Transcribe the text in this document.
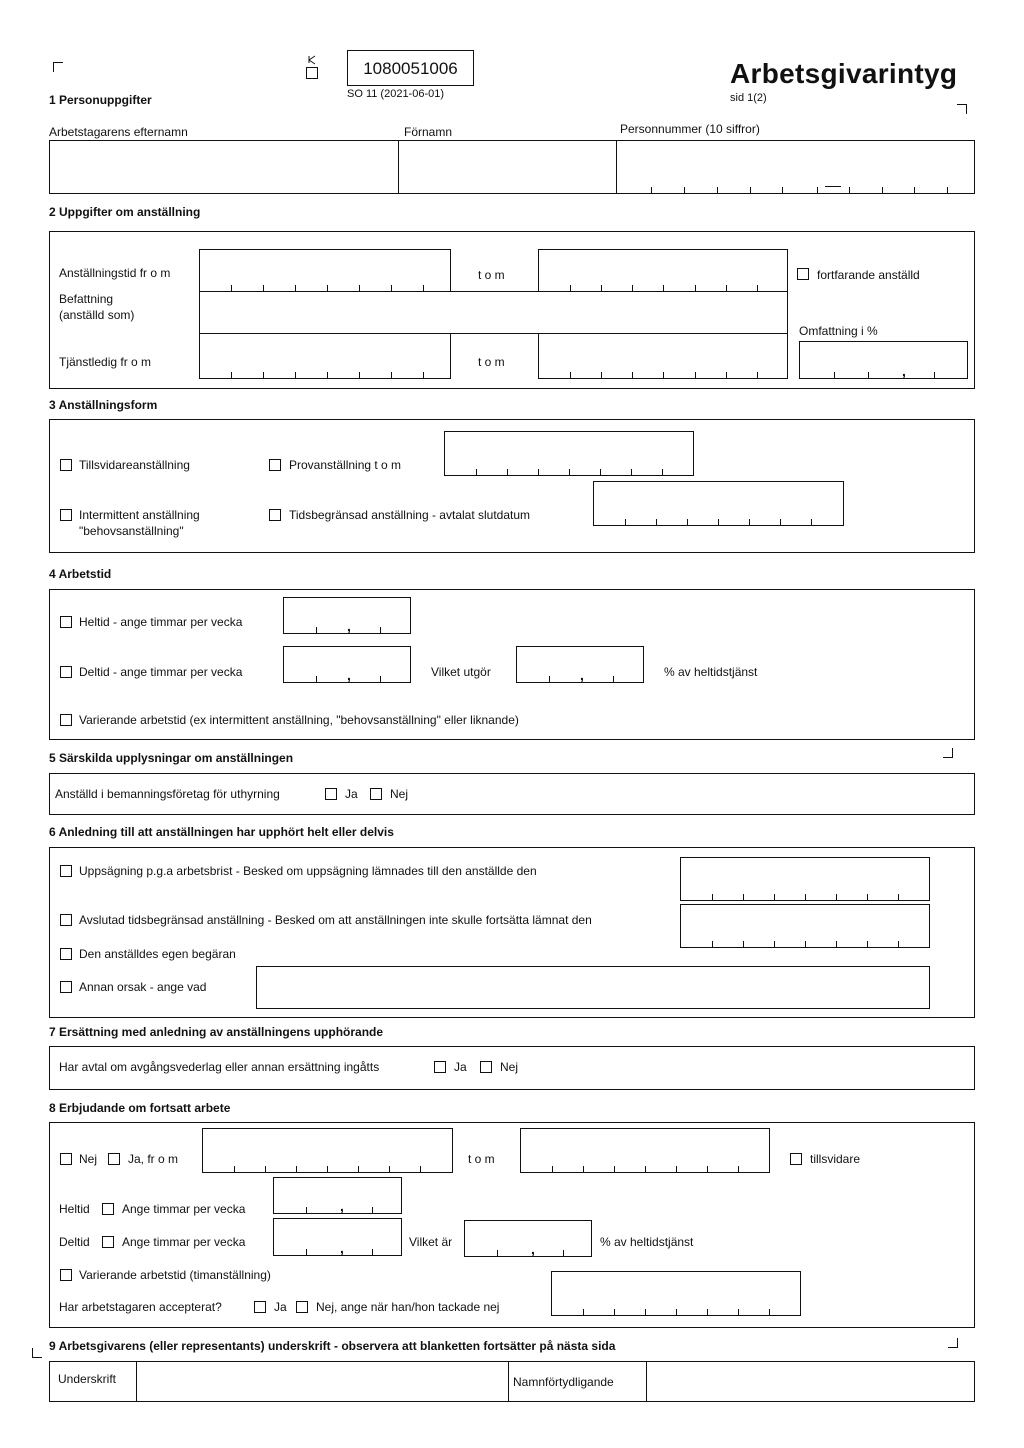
1080051006
SO 11 (2021-06-01)
Arbetsgivarintyg
sid 1(2)
1 Personuppgifter
Arbetstagarens efternamn	Förnamn	Personnummer (10 siffror)
2 Uppgifter om anställning
Anställningstid fr o m	t o m	fortfarande anställd
Befattning
(anställd som)
Omfattning i %
,
Tjänstledig fr o m	t o m
3 Anställningsform
Tillsvidareanställning	Provanställning t o m
Intermittent anställning
"behovsanställning"
Tidsbegränsad anställning - avtalat slutdatum
4 Arbetstid
Heltid - ange timmar per vecka	,
Deltid - ange timmar per vecka	,	Vilket utgör	,	% av heltidstjänst
Varierande arbetstid (ex intermittent anställning, "behovsanställning" eller liknande)
5 Särskilda upplysningar om anställningen
Anställd i bemanningsföretag för uthyrning	Ja	Nej
6 Anledning till att anställningen har upphört helt eller delvis
Uppsägning p.g.a arbetsbrist - Besked om uppsägning lämnades till den anställde den
Avslutad tidsbegränsad anställning - Besked om att anställningen inte skulle fortsätta lämnat den
Den anställdes egen begäran
Annan orsak - ange vad
7 Ersättning med anledning av anställningens upphörande
Har avtal om avgångsvederlag eller annan ersättning ingåtts	Ja	Nej
8 Erbjudande om fortsatt arbete
Nej	Ja, fr o m	t o m	tillsvidare
Heltid	Ange timmar per vecka	,
Deltid	Ange timmar per vecka	,	Vilket är	,	% av heltidstjänst
Varierande arbetstid (timanställning)
Har arbetstagaren accepterat?	Ja Nej, ange när han/hon tackade nej
9 Arbetsgivarens (eller representants) underskrift - observera att blanketten fortsätter på nästa sida
Underskrift	Namnförtydligande
